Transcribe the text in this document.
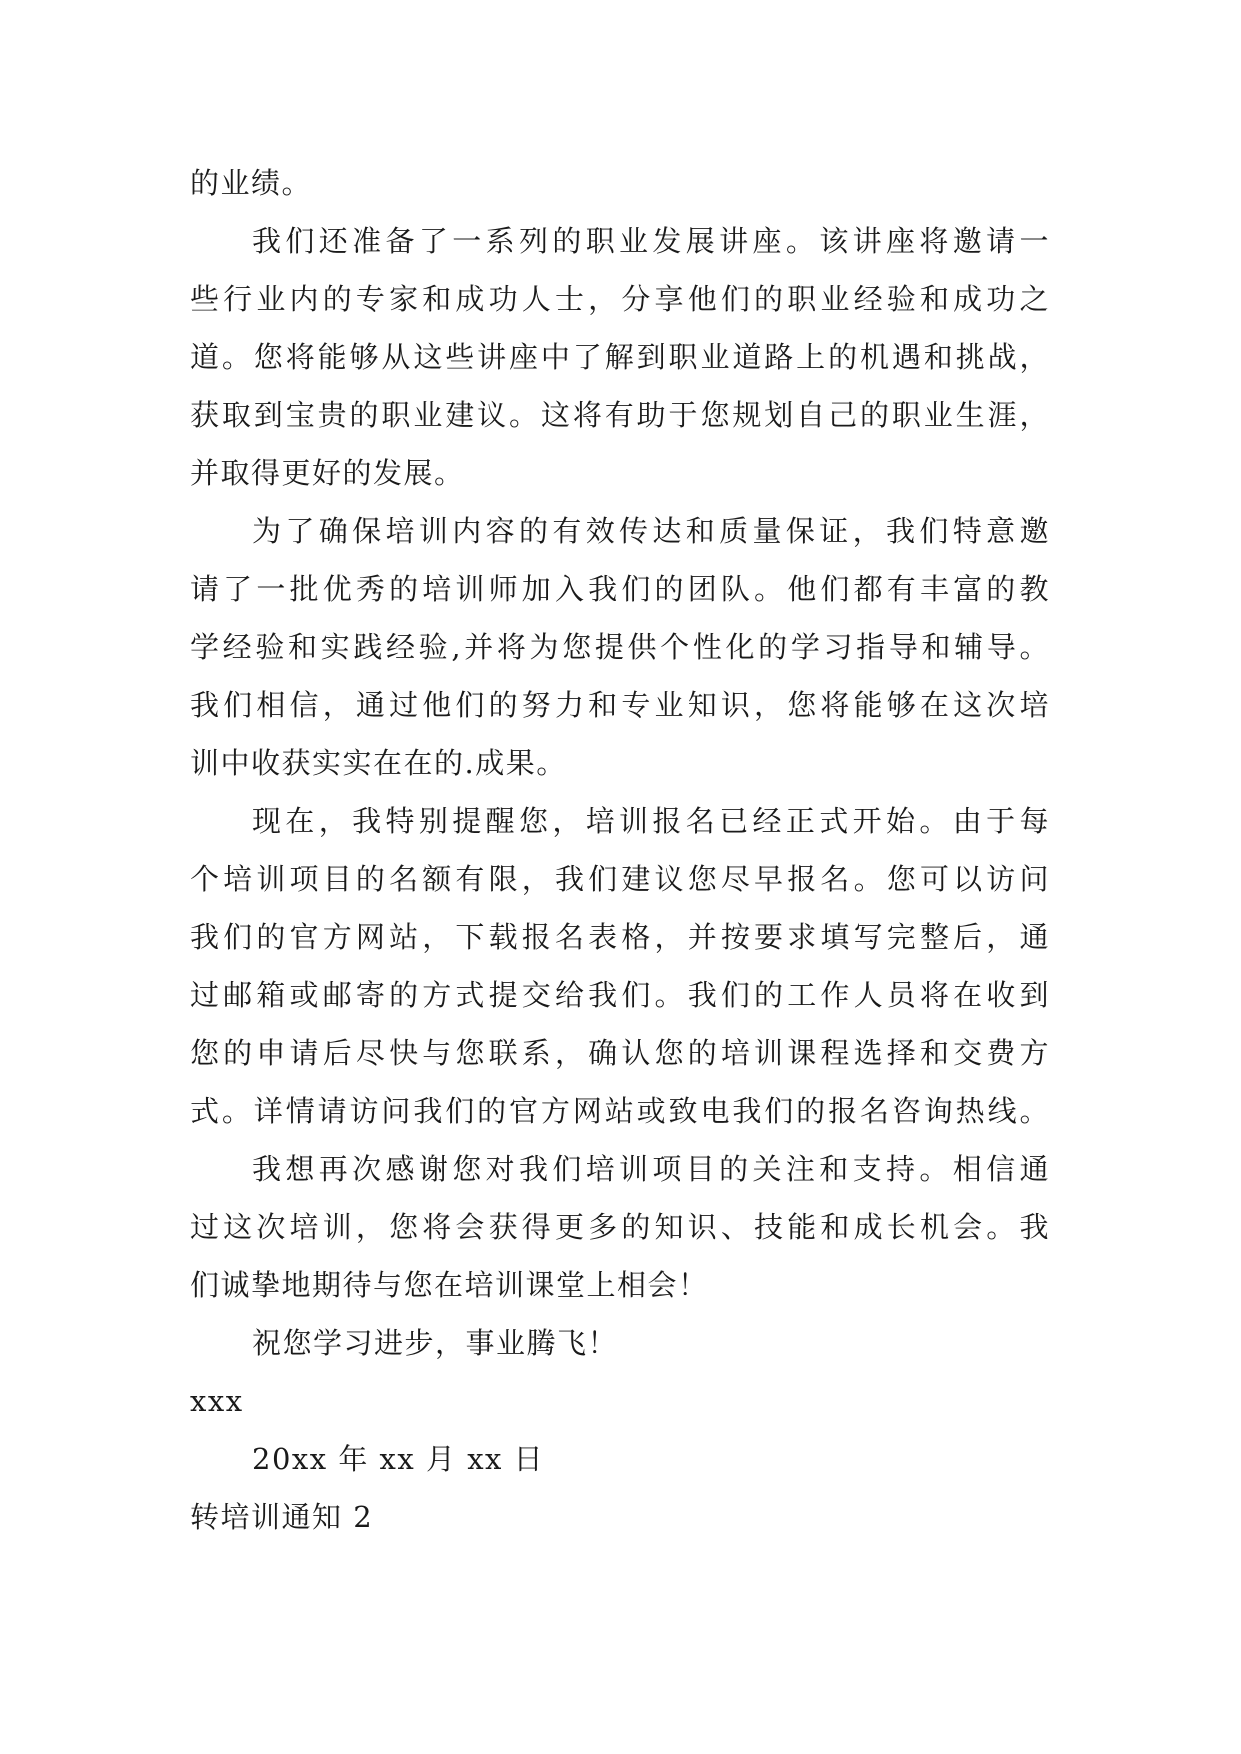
的业绩。
我们还准备了一系列的职业发展讲座。该讲座将邀请一
些行业内的专家和成功人士，分享他们的职业经验和成功之
道。您将能够从这些讲座中了解到职业道路上的机遇和挑战，
获取到宝贵的职业建议。这将有助于您规划自己的职业生涯，
并取得更好的发展。
为了确保培训内容的有效传达和质量保证，我们特意邀
请了一批优秀的培训师加入我们的团队。他们都有丰富的教
学经验和实践经验,并将为您提供个性化的学习指导和辅导。
我们相信，通过他们的努力和专业知识，您将能够在这次培
训中收获实实在在的.成果。
现在，我特别提醒您，培训报名已经正式开始。由于每
个培训项目的名额有限，我们建议您尽早报名。您可以访问
我们的官方网站，下载报名表格，并按要求填写完整后，通
过邮箱或邮寄的方式提交给我们。我们的工作人员将在收到
您的申请后尽快与您联系，确认您的培训课程选择和交费方
式。详情请访问我们的官方网站或致电我们的报名咨询热线。
我想再次感谢您对我们培训项目的关注和支持。相信通
过这次培训，您将会获得更多的知识、技能和成长机会。我
们诚挚地期待与您在培训课堂上相会！
祝您学习进步，事业腾飞！
xxx
20xx 年 xx 月 xx 日
转培训通知 2
